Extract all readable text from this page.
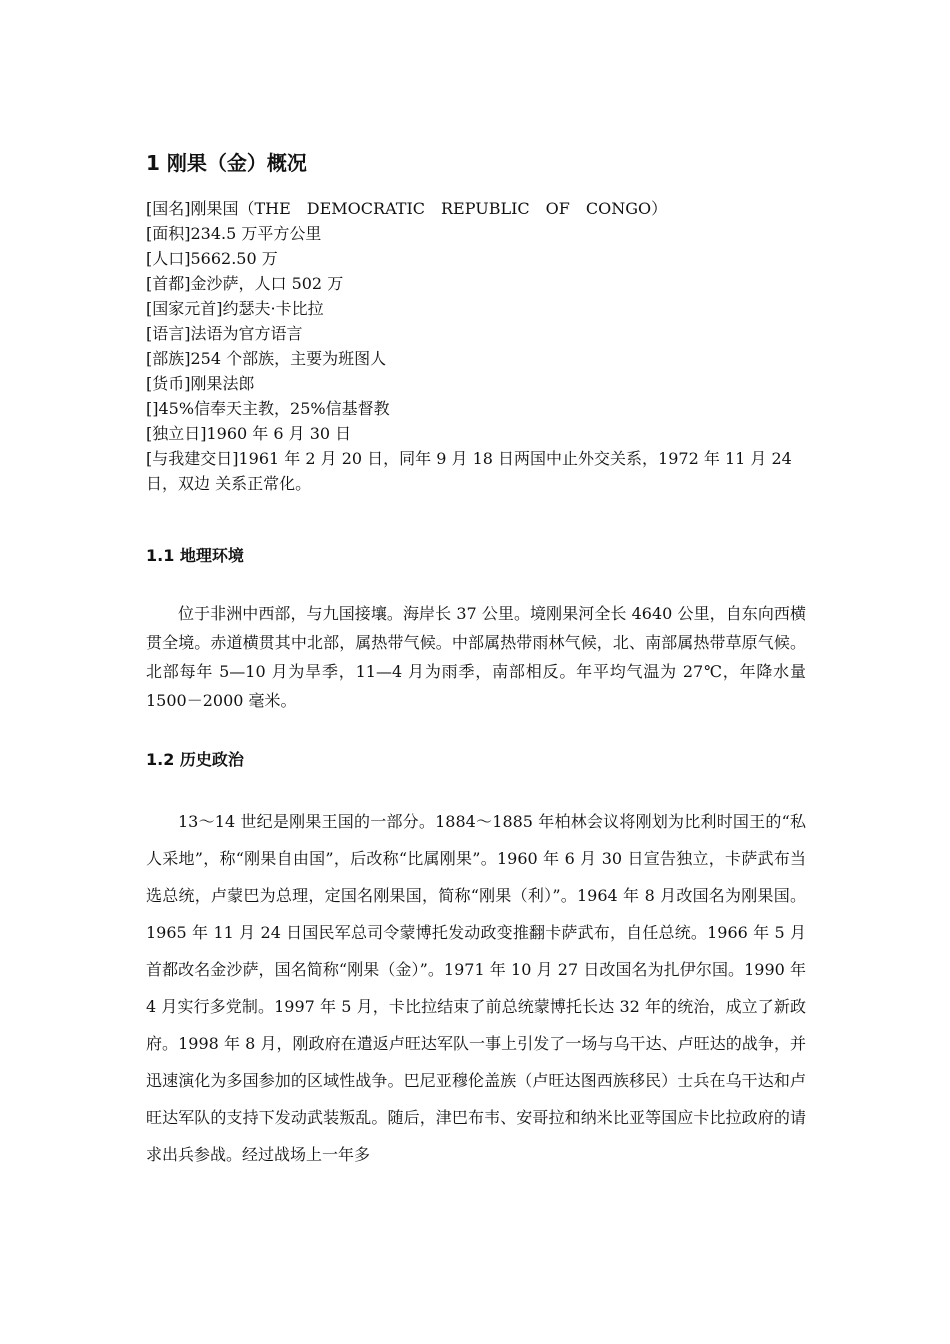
1 刚果（金）概况
[国名]刚果国（THE　DEMOCRATIC　REPUBLIC　OF　CONGO）
[面积]234.5 万平方公里
[人口]5662.50 万
[首都]金沙萨，人口 502 万
[国家元首]约瑟夫·卡比拉
[语言]法语为官方语言
[部族]254 个部族，主要为班图人
[货币]刚果法郎
[]45%信奉天主教，25%信基督教
[独立日]1960 年 6 月 30 日
[与我建交日]1961 年 2 月 20 日，同年 9 月 18 日两国中止外交关系，1972 年 11 月 24 日，双边 关系正常化。
1.1 地理环境

位于非洲中西部，与九国接壤。海岸长 37 公里。境刚果河全长 4640 公里，自东向西横贯全境。赤道横贯其中北部，属热带气候。中部属热带雨林气候，北、南部属热带草原气候。北部每年 5—10 月为旱季，11—4 月为雨季，南部相反。年平均气温为 27℃，年降水量 1500－2000 毫米。

1.2 历史政治

13～14 世纪是刚果王国的一部分。1884～1885 年柏林会议将刚划为比利时国王的“私人采地”，称“刚果自由国”，后改称“比属刚果”。1960 年 6 月 30 日宣告独立，卡萨武布当选总统，卢蒙巴为总理，定国名刚果国，简称“刚果（利）”。1964 年 8 月改国名为刚果国。1965 年 11 月 24 日国民军总司令蒙博托发动政变推翻卡萨武布，自任总统。1966 年 5 月首都改名金沙萨，国名简称“刚果（金）”。1971 年 10 月 27 日改国名为扎伊尔国。1990 年 4 月实行多党制。1997 年 5 月，卡比拉结束了前总统蒙博托长达 32 年的统治，成立了新政府。1998 年 8 月，刚政府在遣返卢旺达军队一事上引发了一场与乌干达、卢旺达的战争，并迅速演化为多国参加的区域性战争。巴尼亚穆伦盖族（卢旺达图西族移民）士兵在乌干达和卢旺达军队的支持下发动武装叛乱。随后，津巴布韦、安哥拉和纳米比亚等国应卡比拉政府的请求出兵参战。经过战场上一年多
